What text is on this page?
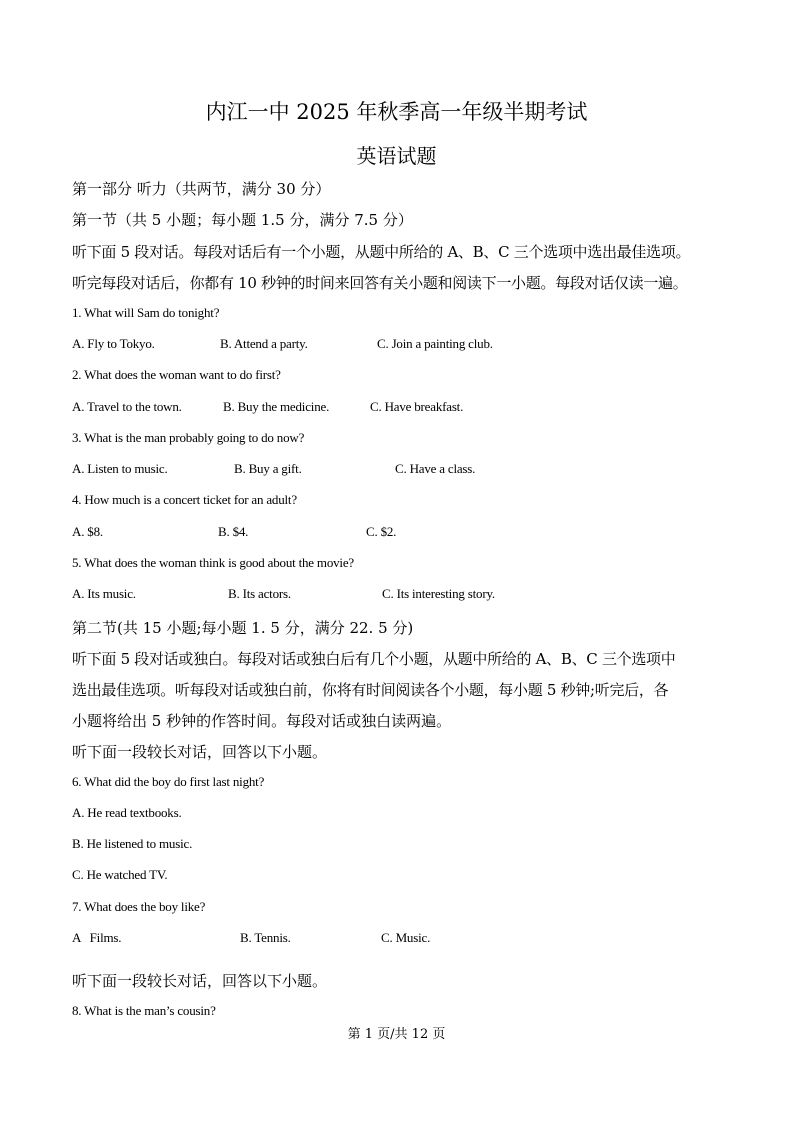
内江一中 2025 年秋季高一年级半期考试
英语试题
第一部分 听力（共两节，满分 30 分）
第一节（共 5 小题；每小题 1.5 分，满分 7.5 分）
听下面 5 段对话。每段对话后有一个小题，从题中所给的 A、B、C 三个选项中选出最佳选项。
听完每段对话后，你都有 10 秒钟的时间来回答有关小题和阅读下一小题。每段对话仅读一遍。
1. What will Sam do tonight?
A. Fly to Tokyo.	B. Attend a party.	C. Join a painting club.
2. What does the woman want to do first?
A. Travel to the town.	B. Buy the medicine.	C. Have breakfast.
3. What is the man probably going to do now?
A. Listen to music.	B. Buy a gift.	C. Have a class.
4. How much is a concert ticket for an adult?
A. $8.	B. $4.	C. $2.
5. What does the woman think is good about the movie?
A. Its music.	B. Its actors.	C. Its interesting story.
第二节(共 15 小题;每小题 1. 5 分，满分 22. 5 分)
听下面 5 段对话或独白。每段对话或独白后有几个小题，从题中所给的 A、B、C 三个选项中
选出最佳选项。听每段对话或独白前，你将有时间阅读各个小题，每小题 5 秒钟;听完后，各
小题将给出 5 秒钟的作答时间。每段对话或独白读两遍。
听下面一段较长对话，回答以下小题。
6. What did the boy do first last night?
A. He read textbooks.
B. He listened to music.
C. He watched TV.
7. What does the boy like?
A   Films.	B. Tennis.	C. Music.
听下面一段较长对话，回答以下小题。
8. What is the man’s cousin?
第 1 页/共 12 页
